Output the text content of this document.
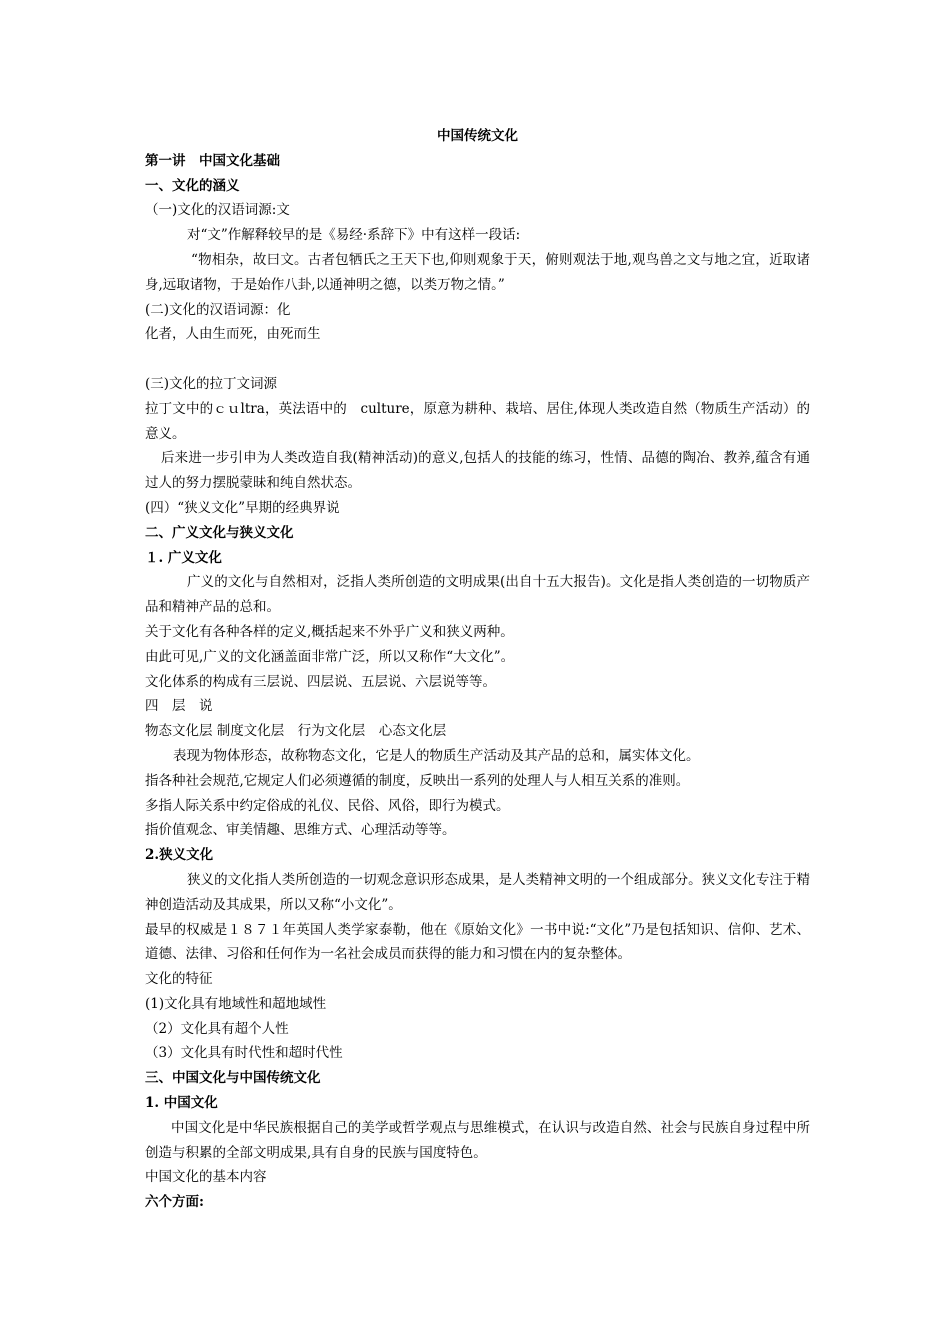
中国传统文化
第一讲　中国文化基础
一、文化的涵义
（一)文化的汉语词源:文
对“文”作解释较早的是《易经·系辞下》中有这样一段话:
“物相杂，故曰文。古者包牺氏之王天下也,仰则观象于天，俯则观法于地,观鸟兽之文与地之宜，近取诸身,远取诸物，于是始作八卦,以通神明之德，以类万物之情。”
(二)文化的汉语词源：化
化者，人由生而死，由死而生
(三)文化的拉丁文词源
拉丁文中的ｃｕltra，英法语中的　culture，原意为耕种、栽培、居住,体现人类改造自然（物质生产活动）的意义。
后来进一步引申为人类改造自我(精神活动)的意义,包括人的技能的练习，性情、品德的陶冶、教养,蕴含有通过人的努力摆脱蒙昧和纯自然状态。
(四）“狭义文化”早期的经典界说
二、广义文化与狭义文化
１. 广义文化
广义的文化与自然相对，泛指人类所创造的文明成果(出自十五大报告)。文化是指人类创造的一切物质产品和精神产品的总和。
关于文化有各种各样的定义,概括起来不外乎广义和狭义两种。
由此可见,广义的文化涵盖面非常广泛，所以又称作“大文化”。
文化体系的构成有三层说、四层说、五层说、六层说等等。
四　层　说
物态文化层 制度文化层　行为文化层　心态文化层
表现为物体形态，故称物态文化，它是人的物质生产活动及其产品的总和，属实体文化。
指各种社会规范,它规定人们必须遵循的制度，反映出一系列的处理人与人相互关系的准则。
多指人际关系中约定俗成的礼仪、民俗、风俗，即行为模式。
指价值观念、审美情趣、思维方式、心理活动等等。
2.狭义文化
狭义的文化指人类所创造的一切观念意识形态成果，是人类精神文明的一个组成部分。狭义文化专注于精神创造活动及其成果，所以又称“小文化”。
最早的权威是１８７１年英国人类学家泰勒，他在《原始文化》一书中说:“文化”乃是包括知识、信仰、艺术、道德、法律、习俗和任何作为一名社会成员而获得的能力和习惯在内的复杂整体。
文化的特征
(1)文化具有地域性和超地域性
（2）文化具有超个人性
（3）文化具有时代性和超时代性
三、中国文化与中国传统文化
1. 中国文化
中国文化是中华民族根据自己的美学或哲学观点与思维模式，在认识与改造自然、社会与民族自身过程中所创造与积累的全部文明成果,具有自身的民族与国度特色。
中国文化的基本内容
六个方面:
